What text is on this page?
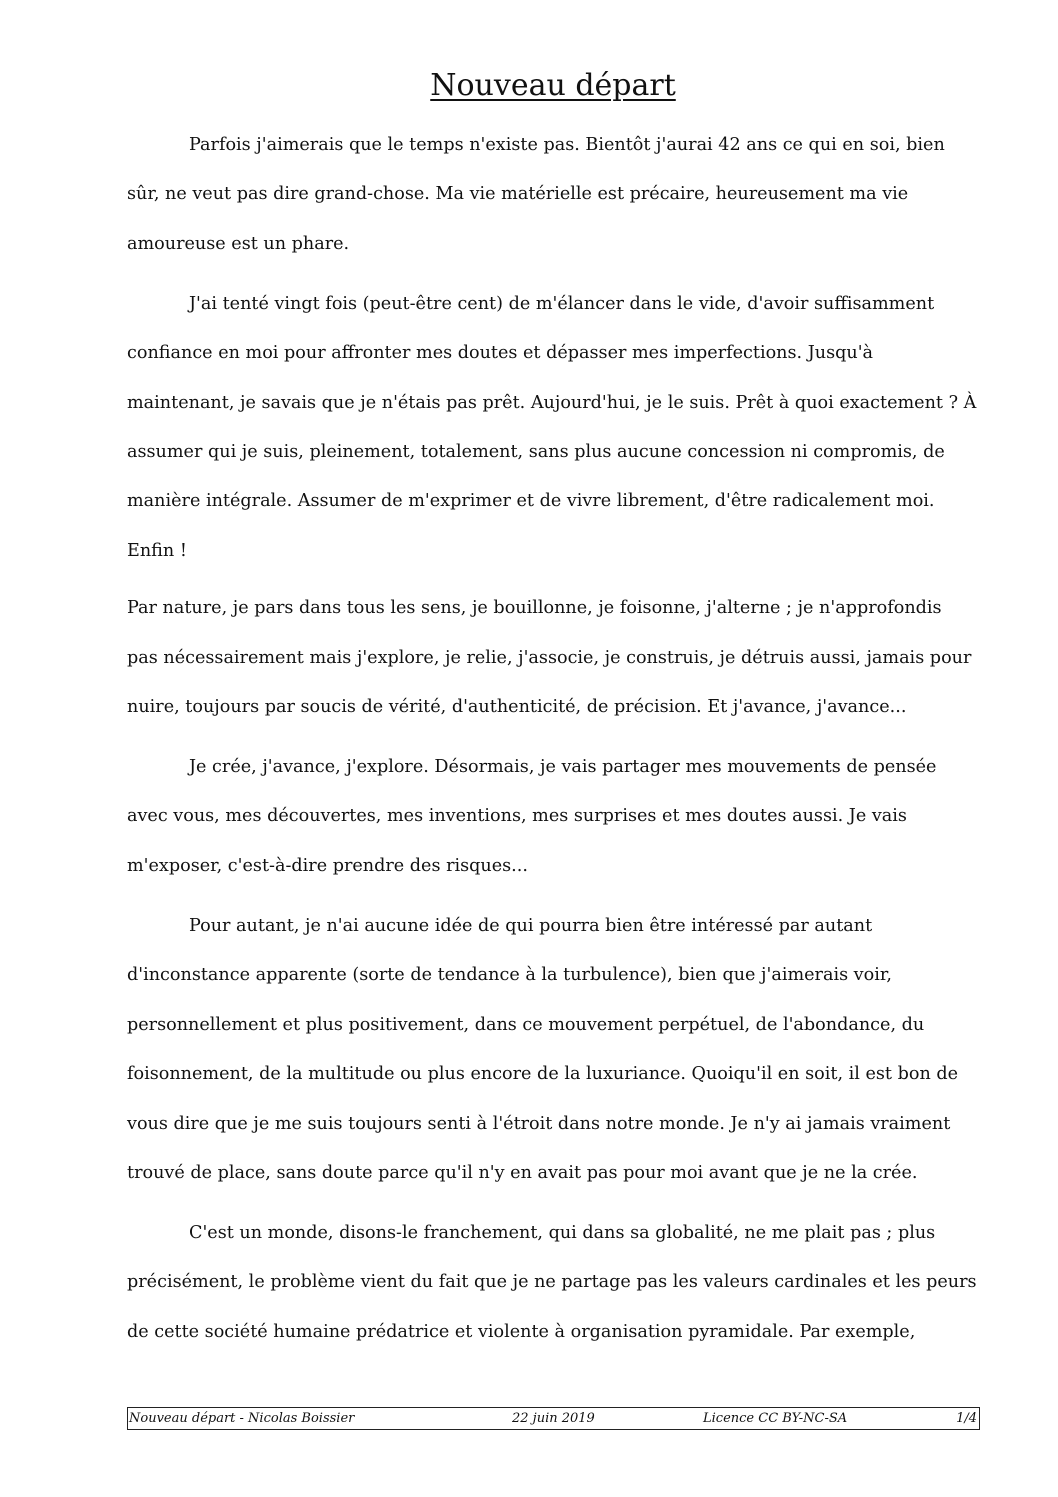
Nouveau départ

Parfois j'aimerais que le temps n'existe pas. Bientôt j'aurai 42 ans ce qui en soi, bien sûr, ne veut pas dire grand-chose. Ma vie matérielle est précaire, heureusement ma vie amoureuse est un phare.

J'ai tenté vingt fois (peut-être cent) de m'élancer dans le vide, d'avoir suffisamment confiance en moi pour affronter mes doutes et dépasser mes imperfections. Jusqu'à maintenant, je savais que je n'étais pas prêt. Aujourd'hui, je le suis. Prêt à quoi exactement ? À assumer qui je suis, pleinement, totalement, sans plus aucune concession ni compromis, de manière intégrale. Assumer de m'exprimer et de vivre librement, d'être radicalement moi. Enfin !

Par nature, je pars dans tous les sens, je bouillonne, je foisonne, j'alterne ; je n'approfondis pas nécessairement mais j'explore, je relie, j'associe, je construis, je détruis aussi, jamais pour nuire, toujours par soucis de vérité, d'authenticité, de précision. Et j'avance, j'avance...

Je crée, j'avance, j'explore. Désormais, je vais partager mes mouvements de pensée avec vous, mes découvertes, mes inventions, mes surprises et mes doutes aussi. Je vais m'exposer, c'est-à-dire prendre des risques...

Pour autant, je n'ai aucune idée de qui pourra bien être intéressé par autant d'inconstance apparente (sorte de tendance à la turbulence), bien que j'aimerais voir, personnellement et plus positivement, dans ce mouvement perpétuel, de l'abondance, du foisonnement, de la multitude ou plus encore de la luxuriance. Quoiqu'il en soit, il est bon de vous dire que je me suis toujours senti à l'étroit dans notre monde. Je n'y ai jamais vraiment trouvé de place, sans doute parce qu'il n'y en avait pas pour moi avant que je ne la crée.

C'est un monde, disons-le franchement, qui dans sa globalité, ne me plait pas ; plus précisément, le problème vient du fait que je ne partage pas les valeurs cardinales et les peurs de cette société humaine prédatrice et violente à organisation pyramidale. Par exemple,

Nouveau départ - Nicolas Boissier	22 juin 2019	Licence CC BY-NC-SA	1/4
